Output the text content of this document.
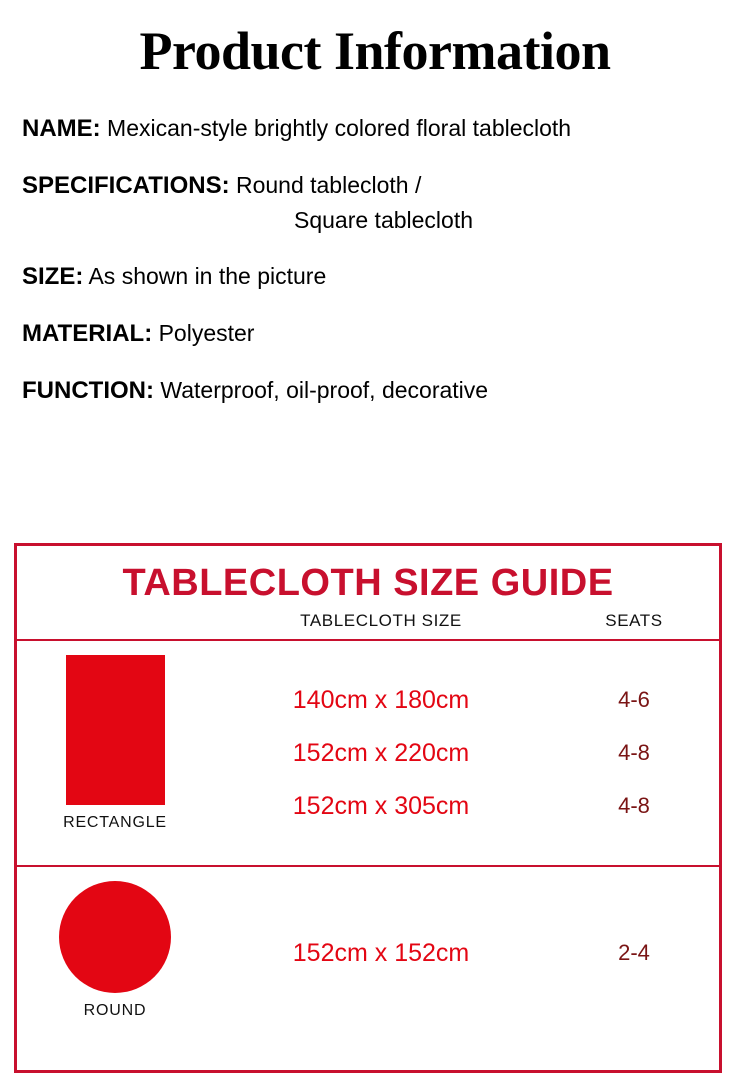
Product Information
NAME: Mexican-style brightly colored floral tablecloth
SPECIFICATIONS: Round tablecloth /
Square tablecloth
SIZE: As shown in the picture
MATERIAL: Polyester
FUNCTION: Waterproof, oil-proof, decorative
TABLECLOTH SIZE GUIDE
TABLECLOTH SIZE	SEATS
RECTANGLE
140cm x 180cm	4-6
152cm x 220cm	4-8
152cm x 305cm	4-8
ROUND
152cm x 152cm	2-4
